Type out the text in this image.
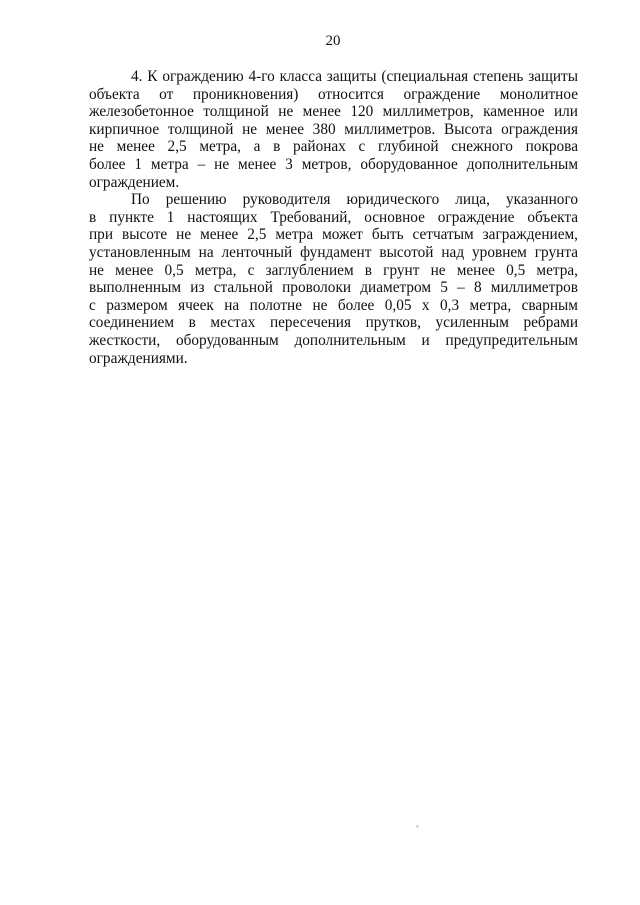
20
4. К ограждению 4-го класса защиты (специальная степень защиты
объекта от проникновения) относится ограждение монолитное
железобетонное толщиной не менее 120 миллиметров, каменное или
кирпичное толщиной не менее 380 миллиметров. Высота ограждения
не менее 2,5 метра, а в районах с глубиной снежного покрова
более 1 метра – не менее 3 метров, оборудованное дополнительным
ограждением.
По решению руководителя юридического лица, указанного
в пункте 1 настоящих Требований, основное ограждение объекта
при высоте не менее 2,5 метра может быть сетчатым заграждением,
установленным на ленточный фундамент высотой над уровнем грунта
не менее 0,5 метра, с заглублением в грунт не менее 0,5 метра,
выполненным из стальной проволоки диаметром 5 – 8 миллиметров
с размером ячеек на полотне не более 0,05 х 0,3 метра, сварным
соединением в местах пересечения прутков, усиленным ребрами
жесткости, оборудованным дополнительным и предупредительным
ограждениями.
